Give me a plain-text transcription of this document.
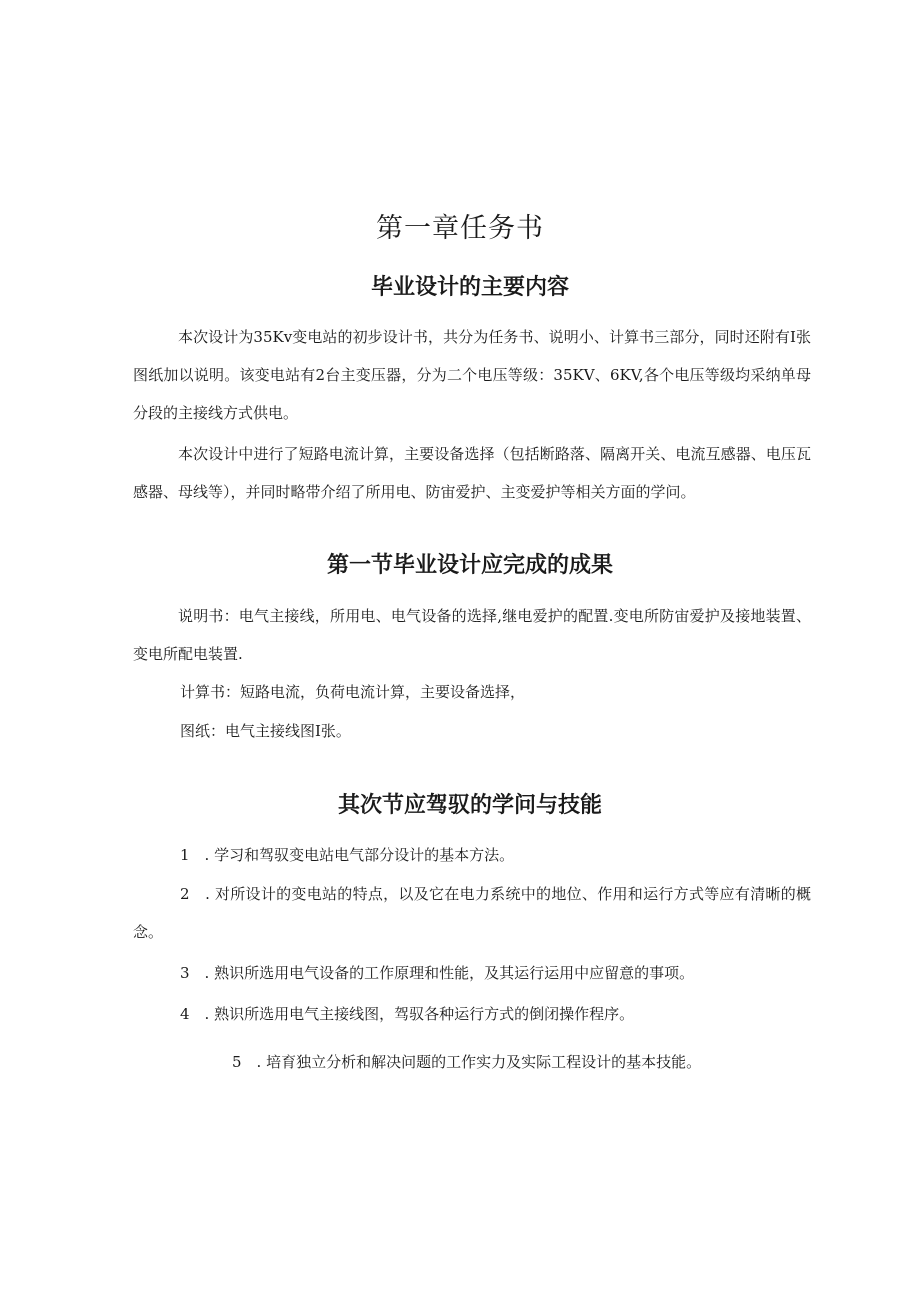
第一章任务书
毕业设计的主要内容

本次设计为35Kv变电站的初步设计书，共分为任务书、说明小、计算书三部分，同时还附有I张图纸加以说明。该变电站有2台主变压器，分为二个电压等级：35KV、6KV,各个电压等级均采纳单母分段的主接线方式供电。

本次设计中进行了短路电流计算，主要设备选择（包括断路落、隔离开关、电流互感器、电压瓦感器、母线等），并同时略带介绍了所用电、防宙爱护、主变爱护等相关方面的学问。

第一节毕业设计应完成的成果

说明书：电气主接线，所用电、电气设备的选择,继电爱护的配置.变电所防宙爱护及接地装置、变电所配电装置.

计算书：短路电流，负荷电流计算，主要设备选择，
图纸：电气主接线图I张。
其次节应驾驭的学问与技能
1　. 学习和驾驭变电站电气部分设计的基本方法。

2　. 对所设计的变电站的特点，以及它在电力系统中的地位、作用和运行方式等应有清晰的概念。

3　. 熟识所选用电气设备的工作原理和性能，及其运行运用中应留意的事项。
4　. 熟识所选用电气主接线图，驾驭各种运行方式的倒闭操作程序。
5　. 培育独立分析和解决问题的工作实力及实际工程设计的基本技能。
